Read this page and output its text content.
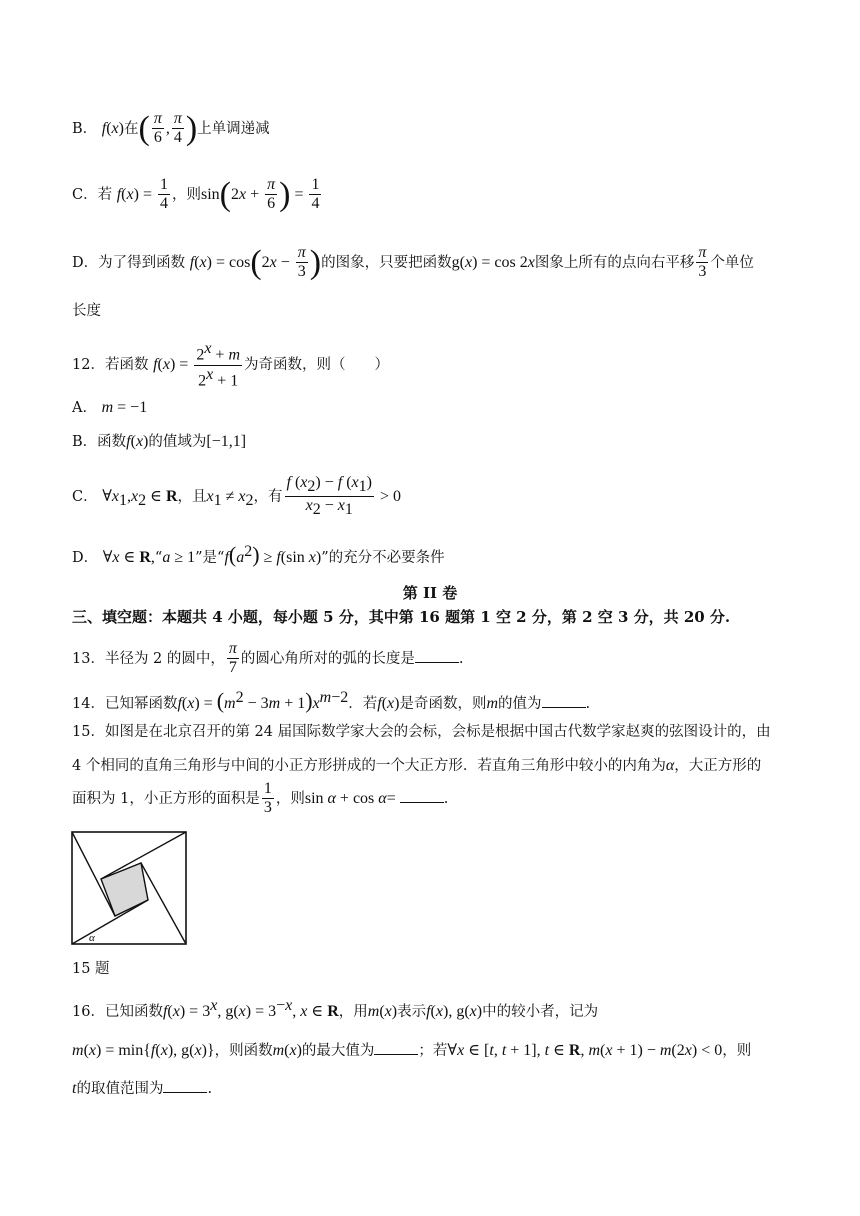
B． f(x)在( $\frac{\pi}{6}$ , $\frac{\pi}{4}$ )上单调递减
C．若 $f(x) = \frac{1}{4}$ ，则$\sin(2x + \frac{\pi}{6}$ ) = $\frac{1}{4}$
D．为了得到函数 $f(x) = \cos(2x - \frac{\pi}{3}$ )的图象，只要把函数g(x) = cos 2x图象上所有的点向右平移 $\frac{\pi}{3}$ 个单位
长度
12．若函数 $f(x) = \frac{2^x + m}{2^x + 1}$ 为奇函数，则（　　）
A． m = −1
B．函数f(x)的值域为[−1,1]
C． $\forall x_1,x_2$ ∈ R，且$x_1 \ne x_2$，有 $\frac{f (x_2) - f (x_1)}{x_2 - x_1} > 0$
D． ∀x ∈ R,“a ≥ 1”是“$f(a^2) \ge f(\sin$ x)”的充分不必要条件
第 II 卷
三、填空题：本题共 4 小题，每小题 5 分，其中第 16 题第 1 空 2 分，第 2 空 3 分，共 20 分.
13．半径为 2 的圆中， $\frac{\pi}{7}$ 的圆心角所对的弧的长度是	.
14．已知幂函数$f(x) = (m^2 - 3m + 1)x^{m-2}$．若f(x)是奇函数，则m的值为	.
15．如图是在北京召开的第 24 届国际数学家大会的会标，会标是根据中国古代数学家赵爽的弦图设计的，由
4 个相同的直角三角形与中间的小正方形拼成的一个大正方形．若直角三角形中较小的内角为α，大正方形的
面积为 1，小正方形的面积是 $\frac{1}{3}$ ，则sin α + cos α=	.
α
15 题
16．已知函数$f(x) = 3^x$, $g(x) = 3^{-x}$, x ∈ R，用m(x)表示f(x), g(x)中的较小者，记为
m(x) = min{f(x), g(x)}，则函数m(x)的最大值为	；若∀x ∈ [t, t + 1], t ∈ R, m(x + 1) − m(2x) < 0，则
t的取值范围为	.
